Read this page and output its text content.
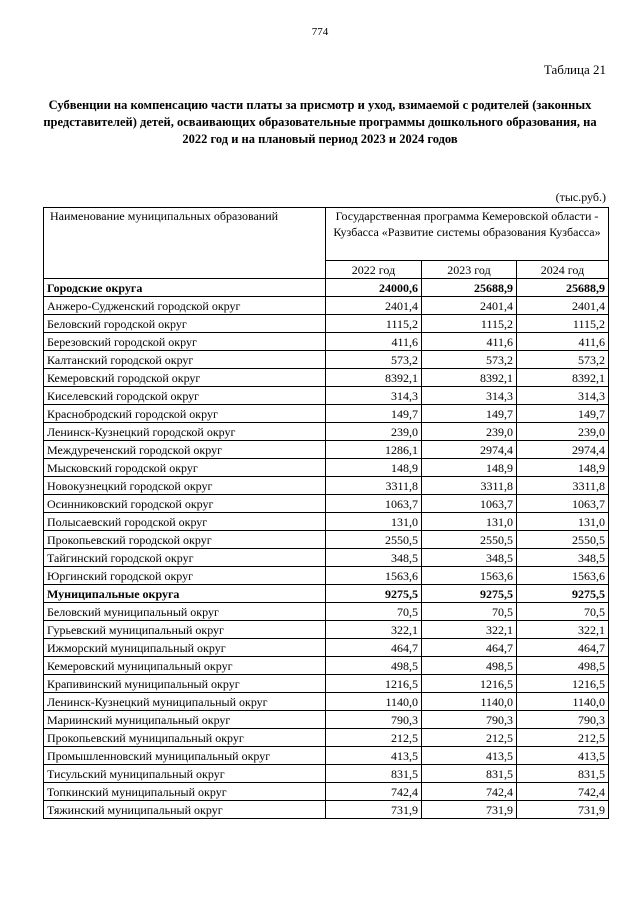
774
Таблица 21
Субвенции на компенсацию части платы за присмотр и уход, взимаемой с родителей (законных представителей) детей, осваивающих образовательные программы дошкольного образования, на 2022 год и на плановый период 2023 и 2024 годов
(тыс.руб.)
Наименование муниципальных образований	Государственная программа Кемеровской области - Кузбасса «Развитие системы образования Кузбасса»		
	2022 год	2023 год	2024 год
Городские округа	24000,6	25688,9	25688,9
Анжеро-Судженский городской округ	2401,4	2401,4	2401,4
Беловский городской округ	1115,2	1115,2	1115,2
Березовский городской округ	411,6	411,6	411,6
Калтанский городской округ	573,2	573,2	573,2
Кемеровский городской округ	8392,1	8392,1	8392,1
Киселевский городской округ	314,3	314,3	314,3
Краснобродский городской округ	149,7	149,7	149,7
Ленинск-Кузнецкий городской округ	239,0	239,0	239,0
Междуреченский городской округ	1286,1	2974,4	2974,4
Мысковский городской округ	148,9	148,9	148,9
Новокузнецкий городской округ	3311,8	3311,8	3311,8
Осинниковский городской округ	1063,7	1063,7	1063,7
Полысаевский городской округ	131,0	131,0	131,0
Прокопьевский городской округ	2550,5	2550,5	2550,5
Тайгинский городской округ	348,5	348,5	348,5
Юргинский городской округ	1563,6	1563,6	1563,6
Муниципальные округа	9275,5	9275,5	9275,5
Беловский муниципальный округ	70,5	70,5	70,5
Гурьевский муниципальный округ	322,1	322,1	322,1
Ижморский муниципальный округ	464,7	464,7	464,7
Кемеровский муниципальный округ	498,5	498,5	498,5
Крапивинский муниципальный округ	1216,5	1216,5	1216,5
Ленинск-Кузнецкий муниципальный округ	1140,0	1140,0	1140,0
Мариинский муниципальный округ	790,3	790,3	790,3
Прокопьевский муниципальный округ	212,5	212,5	212,5
Промышленновский муниципальный округ	413,5	413,5	413,5
Тисульский муниципальный округ	831,5	831,5	831,5
Топкинский муниципальный округ	742,4	742,4	742,4
Тяжинский муниципальный округ	731,9	731,9	731,9
